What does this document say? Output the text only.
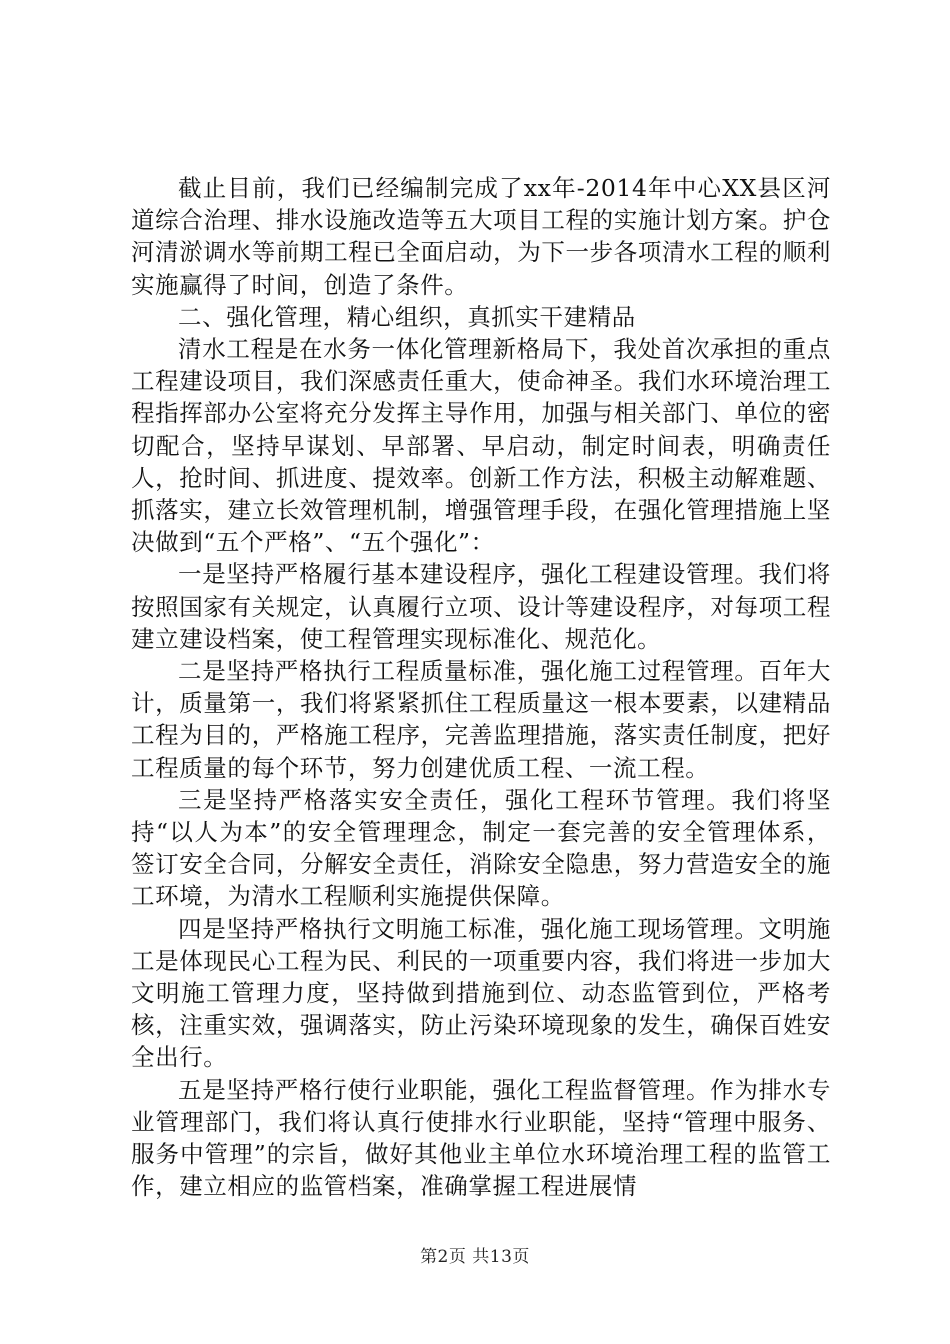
截止目前，我们已经编制完成了xx年-2014年中心XX县区河道综合治理、排水设施改造等五大项目工程的实施计划方案。护仓河清淤调水等前期工程已全面启动，为下一步各项清水工程的顺利实施赢得了时间，创造了条件。

二、强化管理，精心组织，真抓实干建精品

清水工程是在水务一体化管理新格局下，我处首次承担的重点工程建设项目，我们深感责任重大，使命神圣。我们水环境治理工程指挥部办公室将充分发挥主导作用，加强与相关部门、单位的密切配合，坚持早谋划、早部署、早启动，制定时间表，明确责任人，抢时间、抓进度、提效率。创新工作方法，积极主动解难题、抓落实，建立长效管理机制，增强管理手段，在强化管理措施上坚决做到“五个严格”、“五个强化”：

一是坚持严格履行基本建设程序，强化工程建设管理。我们将按照国家有关规定，认真履行立项、设计等建设程序，对每项工程建立建设档案，使工程管理实现标准化、规范化。

二是坚持严格执行工程质量标准，强化施工过程管理。百年大计，质量第一，我们将紧紧抓住工程质量这一根本要素，以建精品工程为目的，严格施工程序，完善监理措施，落实责任制度，把好工程质量的每个环节，努力创建优质工程、一流工程。

三是坚持严格落实安全责任，强化工程环节管理。我们将坚持“以人为本”的安全管理理念，制定一套完善的安全管理体系，签订安全合同，分解安全责任，消除安全隐患，努力营造安全的施工环境，为清水工程顺利实施提供保障。

四是坚持严格执行文明施工标准，强化施工现场管理。文明施工是体现民心工程为民、利民的一项重要内容，我们将进一步加大文明施工管理力度，坚持做到措施到位、动态监管到位，严格考核，注重实效，强调落实，防止污染环境现象的发生，确保百姓安全出行。

五是坚持严格行使行业职能，强化工程监督管理。作为排水专业管理部门，我们将认真行使排水行业职能，坚持“管理中服务、服务中管理”的宗旨，做好其他业主单位水环境治理工程的监管工作，建立相应的监管档案，准确掌握工程进展情

第2页 共13页
